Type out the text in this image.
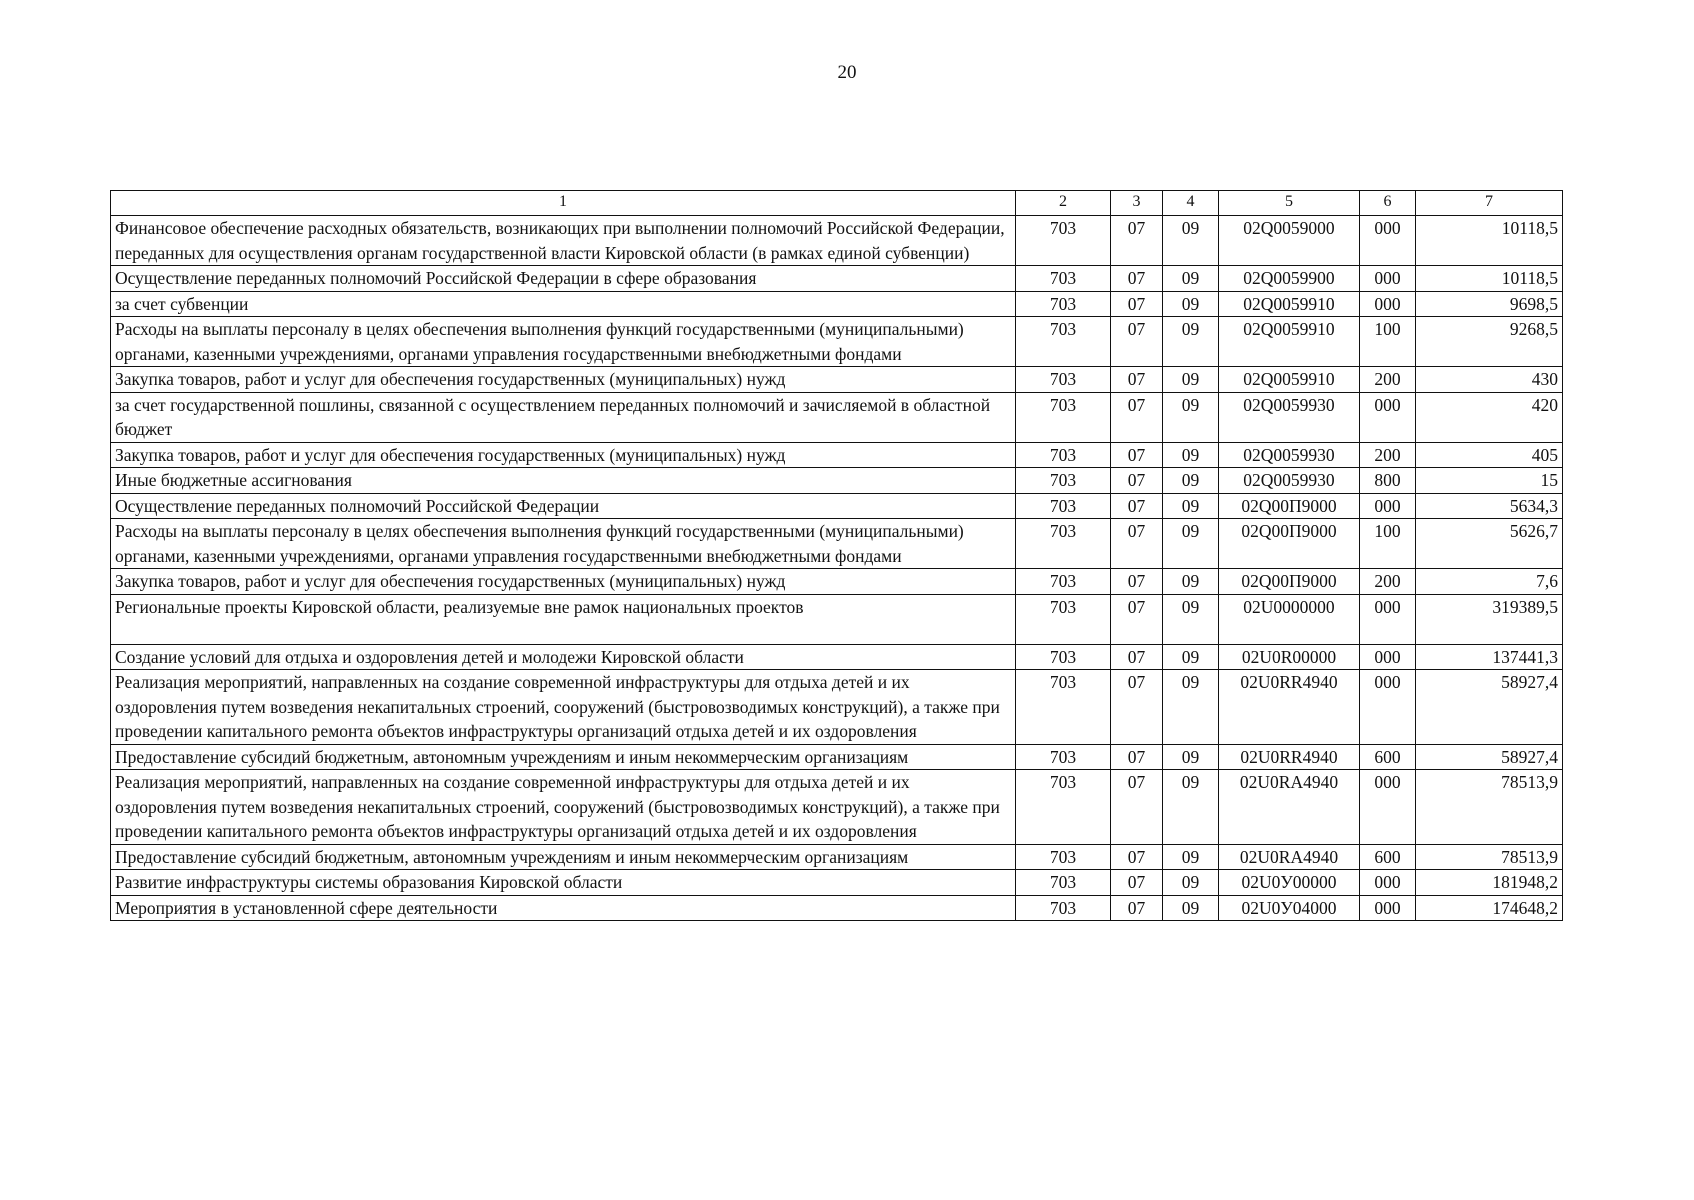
20
1	2	3	4	5	6	7
Финансовое обеспечение расходных обязательств, возникающих при выполнении полномочий Российской Федерации, переданных для осуществления органам государственной власти Кировской области (в рамках единой субвенции)	703	07	09	02Q0059000	000	10118,5
Осуществление переданных полномочий Российской Федерации в сфере образования	703	07	09	02Q0059900	000	10118,5
за счет субвенции	703	07	09	02Q0059910	000	9698,5
Расходы на выплаты персоналу в целях обеспечения выполнения функций государственными (муниципальными) органами, казенными учреждениями, органами управления государственными внебюджетными фондами	703	07	09	02Q0059910	100	9268,5
Закупка товаров, работ и услуг для обеспечения государственных (муниципальных) нужд	703	07	09	02Q0059910	200	430
за счет государственной пошлины, связанной с осуществлением переданных полномочий и зачисляемой в областной бюджет	703	07	09	02Q0059930	000	420
Закупка товаров, работ и услуг для обеспечения государственных (муниципальных) нужд	703	07	09	02Q0059930	200	405
Иные бюджетные ассигнования	703	07	09	02Q0059930	800	15
Осуществление переданных полномочий Российской Федерации	703	07	09	02Q00П9000	000	5634,3
Расходы на выплаты персоналу в целях обеспечения выполнения функций государственными (муниципальными) органами, казенными учреждениями, органами управления государственными внебюджетными фондами	703	07	09	02Q00П9000	100	5626,7
Закупка товаров, работ и услуг для обеспечения государственных (муниципальных) нужд	703	07	09	02Q00П9000	200	7,6
Региональные проекты Кировской области, реализуемые вне рамок национальных проектов	703	07	09	02U0000000	000	319389,5
Создание условий для отдыха и оздоровления детей и молодежи Кировской области	703	07	09	02U0R00000	000	137441,3
Реализация мероприятий, направленных на создание современной инфраструктуры для отдыха детей и их оздоровления путем возведения некапитальных строений, сооружений (быстровозводимых конструкций), а также при проведении капитального ремонта объектов инфраструктуры организаций отдыха детей и их оздоровления	703	07	09	02U0RR4940	000	58927,4
Предоставление субсидий бюджетным, автономным учреждениям и иным некоммерческим организациям	703	07	09	02U0RR4940	600	58927,4
Реализация мероприятий, направленных на создание современной инфраструктуры для отдыха детей и их оздоровления путем возведения некапитальных строений, сооружений (быстровозводимых конструкций), а также при проведении капитального ремонта объектов инфраструктуры организаций отдыха детей и их оздоровления	703	07	09	02U0RA4940	000	78513,9
Предоставление субсидий бюджетным, автономным учреждениям и иным некоммерческим организациям	703	07	09	02U0RA4940	600	78513,9
Развитие инфраструктуры системы образования Кировской области	703	07	09	02U0У00000	000	181948,2
Мероприятия в установленной сфере деятельности	703	07	09	02U0У04000	000	174648,2
